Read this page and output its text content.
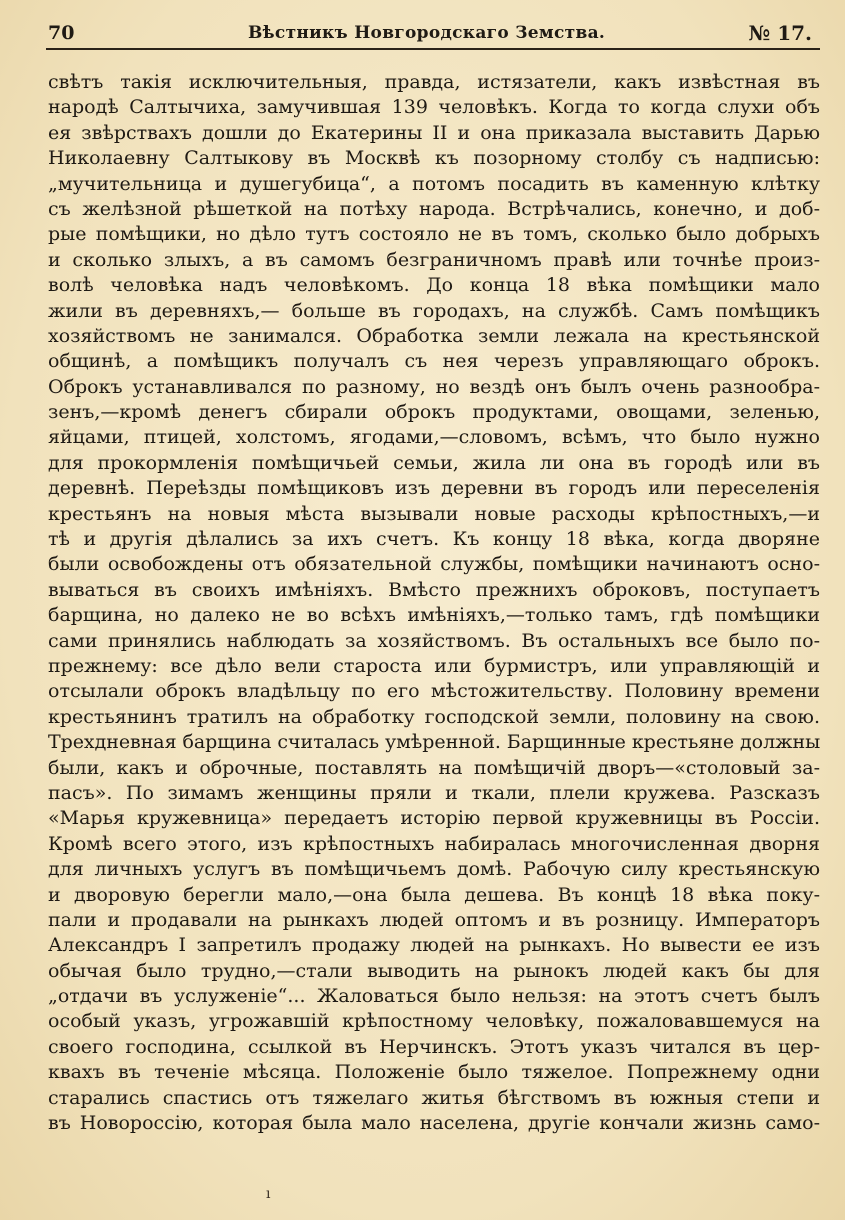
70	Вѣстникъ Новгородскаго Земства.	№ 17.
свѣтъ такія исключительныя, правда, истязатели, какъ извѣстная въ
народѣ Салтычиха, замучившая 139 человѣкъ. Когда то когда слухи объ
ея звѣрствахъ дошли до Екатерины II и она приказала выставить Дарью
Николаевну Салтыкову въ Москвѣ къ позорному столбу съ надписью:
„мучительница и душегубица“, а потомъ посадить въ каменную клѣтку
съ желѣзной рѣшеткой на потѣху народа. Встрѣчались, конечно, и доб-
рые помѣщики, но дѣло тутъ состояло не въ томъ, сколько было добрыхъ
и сколько злыхъ, а въ самомъ безграничномъ правѣ или точнѣе произ-
волѣ человѣка надъ человѣкомъ. До конца 18 вѣка помѣщики мало
жили въ деревняхъ,— больше въ городахъ, на службѣ. Самъ помѣщикъ
хозяйствомъ не занимался. Обработка земли лежала на крестьянской
общинѣ, а помѣщикъ получалъ съ нея черезъ управляющаго оброкъ.
Оброкъ устанавливался по разному, но вездѣ онъ былъ очень разнообра-
зенъ,—кромѣ денегъ сбирали оброкъ продуктами, овощами, зеленью,
яйцами, птицей, холстомъ, ягодами,—словомъ, всѣмъ, что было нужно
для прокормленія помѣщичьей семьи, жила ли она въ городѣ или въ
деревнѣ. Переѣзды помѣщиковъ изъ деревни въ городъ или переселенія
крестьянъ на новыя мѣста вызывали новые расходы крѣпостныхъ,—и
тѣ и другія дѣлались за ихъ счетъ. Къ концу 18 вѣка, когда дворяне
были освобождены отъ обязательной службы, помѣщики начинаютъ осно-
вываться въ своихъ имѣніяхъ. Вмѣсто прежнихъ оброковъ, поступаетъ
барщина, но далеко не во всѣхъ имѣніяхъ,—только тамъ, гдѣ помѣщики
сами принялись наблюдать за хозяйствомъ. Въ остальныхъ все было по-
прежнему: все дѣло вели староста или бурмистръ, или управляющій и
отсылали оброкъ владѣльцу по его мѣстожительству. Половину времени
крестьянинъ тратилъ на обработку господской земли, половину на свою.
Трехдневная барщина считалась умѣренной. Барщинные крестьяне должны
были, какъ и оброчные, поставлять на помѣщичій дворъ—«столовый за-
пасъ». По зимамъ женщины пряли и ткали, плели кружева. Разсказъ
«Марья кружевница» передаетъ исторію первой кружевницы въ Россіи.
Кромѣ всего этого, изъ крѣпостныхъ набиралась многочисленная дворня
для личныхъ услугъ въ помѣщичьемъ домѣ. Рабочую силу крестьянскую
и дворовую берегли мало,—она была дешева. Въ концѣ 18 вѣка поку-
пали и продавали на рынкахъ людей оптомъ и въ розницу. Императоръ
Александръ I запретилъ продажу людей на рынкахъ. Но вывести ее изъ
обычая было трудно,—стали выводить на рынокъ людей какъ бы для
„отдачи въ услуженіе“... Жаловаться было нельзя: на этотъ счетъ былъ
особый указъ, угрожавшій крѣпостному человѣку, пожаловавшемуся на
своего господина, ссылкой въ Нерчинскъ. Этотъ указъ читался въ цер-
квахъ въ теченіе мѣсяца. Положеніе было тяжелое. Попрежнему одни
старались спастись отъ тяжелаго житья бѣгствомъ въ южныя степи и
въ Новороссію, которая была мало населена, другіе кончали жизнь само-
ı
